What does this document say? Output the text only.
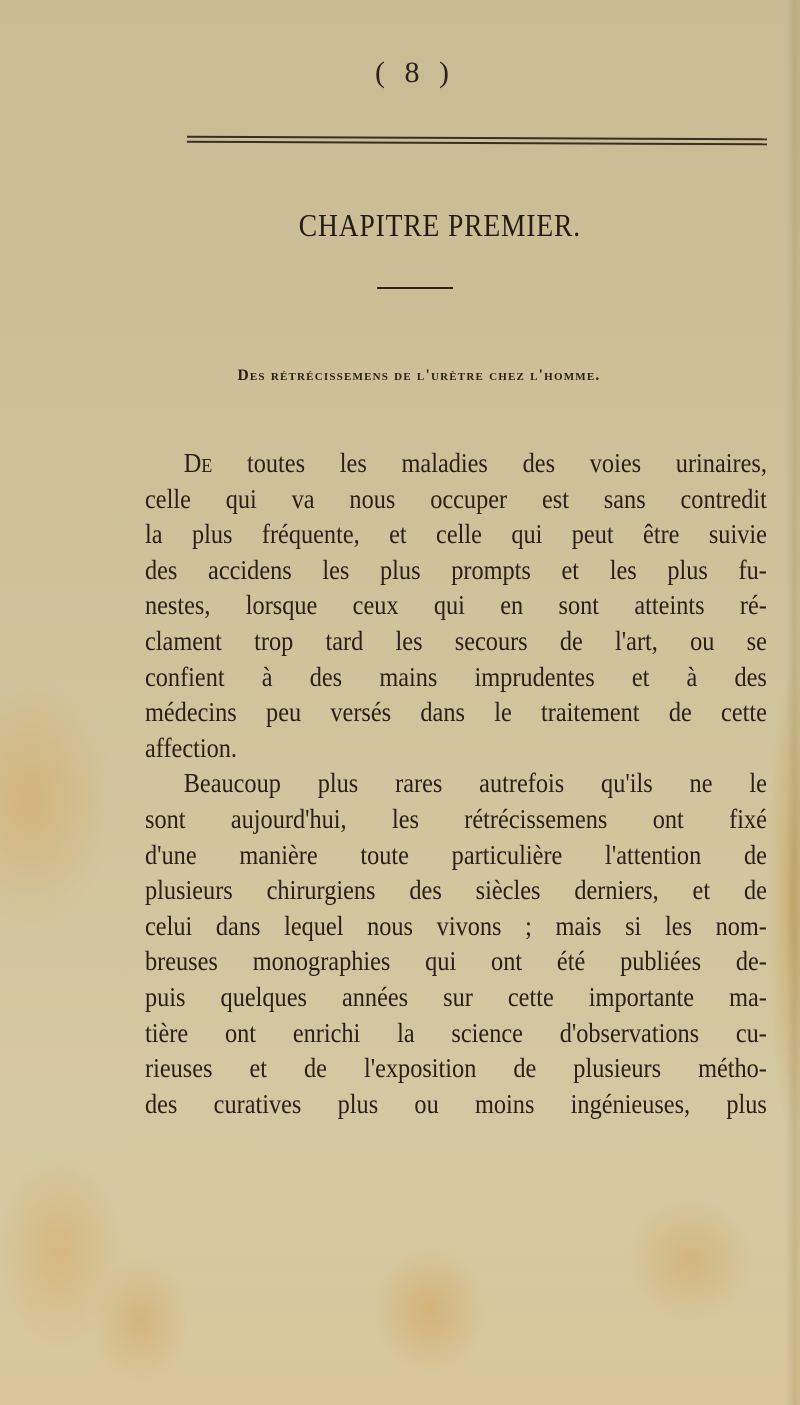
( 8 )
CHAPITRE PREMIER.
Des rétrécissemens de l'urètre chez l'homme.
DE toutes les maladies des voies urinaires,
celle qui va nous occuper est sans contredit
la plus fréquente, et celle qui peut être suivie
des accidens les plus prompts et les plus fu-
nestes, lorsque ceux qui en sont atteints ré-
clament trop tard les secours de l'art, ou se
confient à des mains imprudentes et à des
médecins peu versés dans le traitement de cette
affection.
Beaucoup plus rares autrefois qu'ils ne le
sont aujourd'hui, les rétrécissemens ont fixé
d'une manière toute particulière l'attention de
plusieurs chirurgiens des siècles derniers, et de
celui dans lequel nous vivons ; mais si les nom-
breuses monographies qui ont été publiées de-
puis quelques années sur cette importante ma-
tière ont enrichi la science d'observations cu-
rieuses et de l'exposition de plusieurs métho-
des curatives plus ou moins ingénieuses, plus
